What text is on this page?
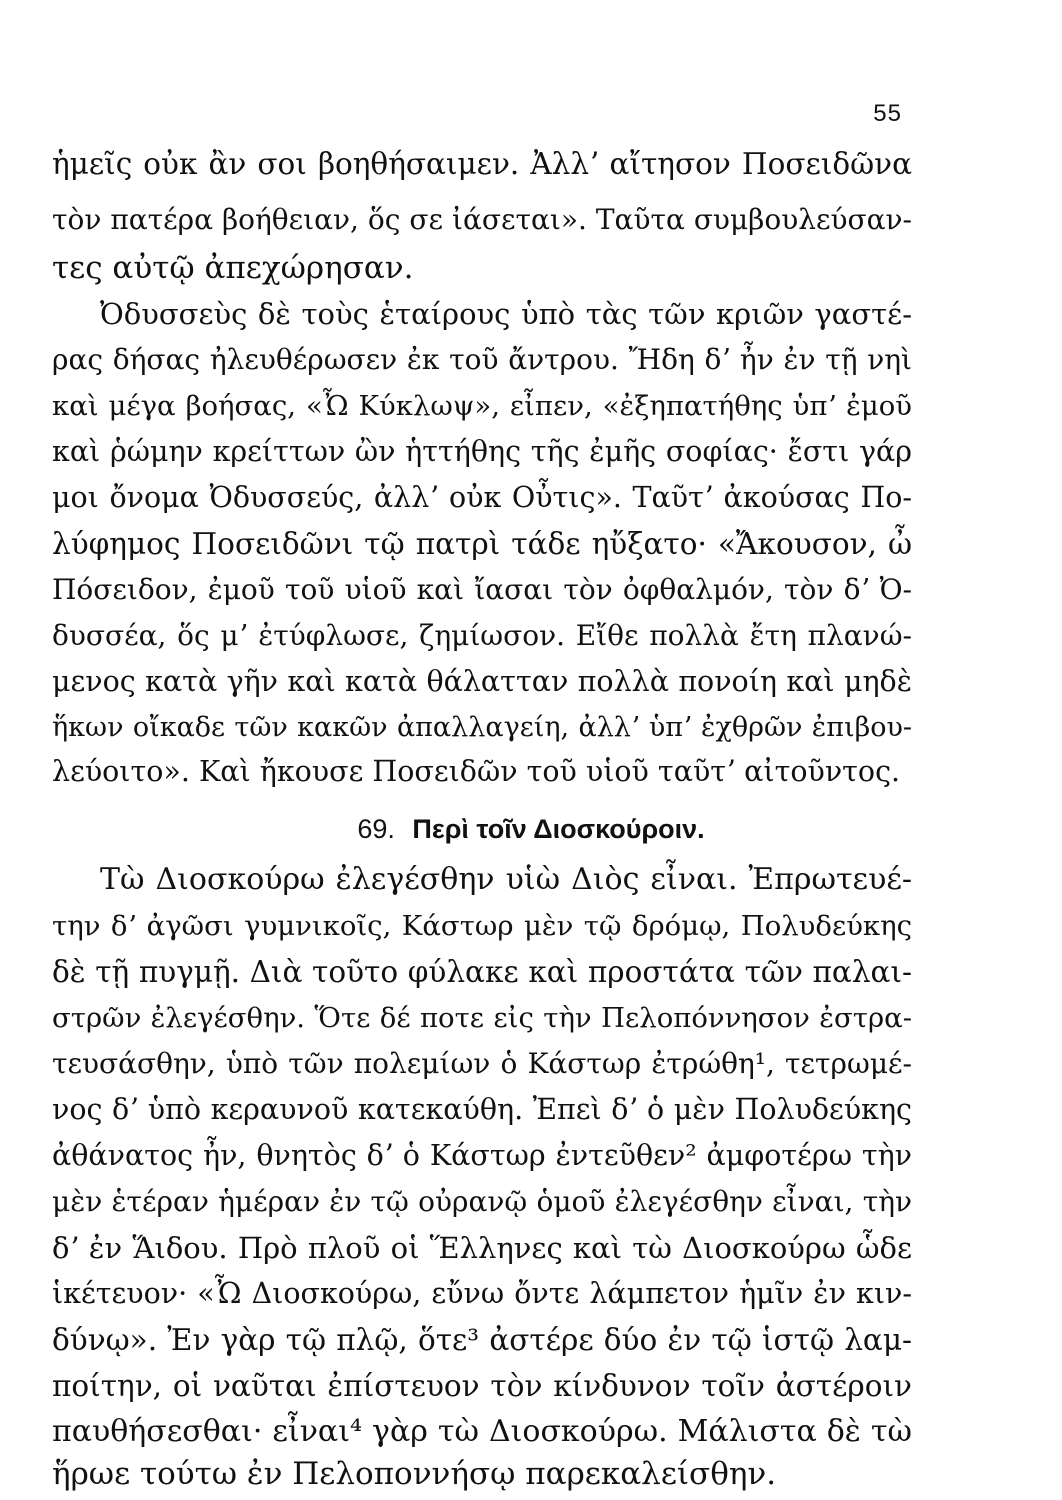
55
ἡμεῖς οὐκ ἂν σοι βοηθήσαιμεν. Ἀλλʼ αἴτησον Ποσειδῶνα
τὸν πατέρα βοήθειαν, ὅς σε ἰάσεται». Ταῦτα συμβουλεύσαν-
τες αὐτῷ ἀπεχώρησαν.
Ὀδυσσεὺς δὲ τοὺς ἑταίρους ὑπὸ τὰς τῶν κριῶν γαστέ-
ρας δήσας ἠλευθέρωσεν ἐκ τοῦ ἄντρου. Ἤδη δʼ ἦν ἐν τῇ νηὶ
καὶ μέγα βοήσας, «Ὦ Κύκλωψ», εἶπεν, «ἐξηπατήθης ὑπʼ ἐμοῦ
καὶ ῥώμην κρείττων ὢν ἡττήθης τῆς ἐμῆς σοφίας· ἔστι γάρ
μοι ὄνομα Ὀδυσσεύς, ἀλλʼ οὐκ Οὖτις». Ταῦτʼ ἀκούσας Πο-
λύφημος Ποσειδῶνι τῷ πατρὶ τάδε ηὔξατο· «Ἄκουσον, ὦ
Πόσειδον, ἐμοῦ τοῦ υἱοῦ καὶ ἴασαι τὸν ὀφθαλμόν, τὸν δʼ Ὀ-
δυσσέα, ὅς μʼ ἐτύφλωσε, ζημίωσον. Εἴθε πολλὰ ἔτη πλανώ-
μενος κατὰ γῆν καὶ κατὰ θάλατταν πολλὰ πονοίη καὶ μηδὲ
ἥκων οἴκαδε τῶν κακῶν ἀπαλλαγείη, ἀλλʼ ὑπʼ ἐχθρῶν ἐπιβου-
λεύοιτο». Καὶ ἤκουσε Ποσειδῶν τοῦ υἱοῦ ταῦτʼ αἰτοῦντος.
69. Περὶ τοῖν Διοσκούροιν.
Τὼ Διοσκούρω ἐλεγέσθην υἱὼ Διὸς εἶναι. Ἐπρωτευέ-
την δʼ ἀγῶσι γυμνικοῖς, Κάστωρ μὲν τῷ δρόμῳ, Πολυδεύκης
δὲ τῇ πυγμῇ. Διὰ τοῦτο φύλακε καὶ προστάτα τῶν παλαι-
στρῶν ἐλεγέσθην. Ὅτε δέ ποτε εἰς τὴν Πελοπόννησον ἐστρα-
τευσάσθην, ὑπὸ τῶν πολεμίων ὁ Κάστωρ ἐτρώθη¹, τετρωμέ-
νος δʼ ὑπὸ κεραυνοῦ κατεκαύθη. Ἐπεὶ δʼ ὁ μὲν Πολυδεύκης
ἀθάνατος ἦν, θνητὸς δʼ ὁ Κάστωρ ἐντεῦθεν² ἀμφοτέρω τὴν
μὲν ἑτέραν ἡμέραν ἐν τῷ οὐρανῷ ὁμοῦ ἐλεγέσθην εἶναι, τὴν
δʼ ἐν Ἅιδου. Πρὸ πλοῦ οἱ Ἕλληνες καὶ τὼ Διοσκούρω ὧδε
ἱκέτευον· «Ὦ Διοσκούρω, εὔνω ὄντε λάμπετον ἡμῖν ἐν κιν-
δύνῳ». Ἐν γὰρ τῷ πλῷ, ὅτε³ ἀστέρε δύο ἐν τῷ ἱστῷ λαμ-
ποίτην, οἱ ναῦται ἐπίστευον τὸν κίνδυνον τοῖν ἀστέροιν
παυθήσεσθαι· εἶναι⁴ γὰρ τὼ Διοσκούρω. Μάλιστα δὲ τὼ
ἥρωε τούτω ἐν Πελοποννήσῳ παρεκαλείσθην.
